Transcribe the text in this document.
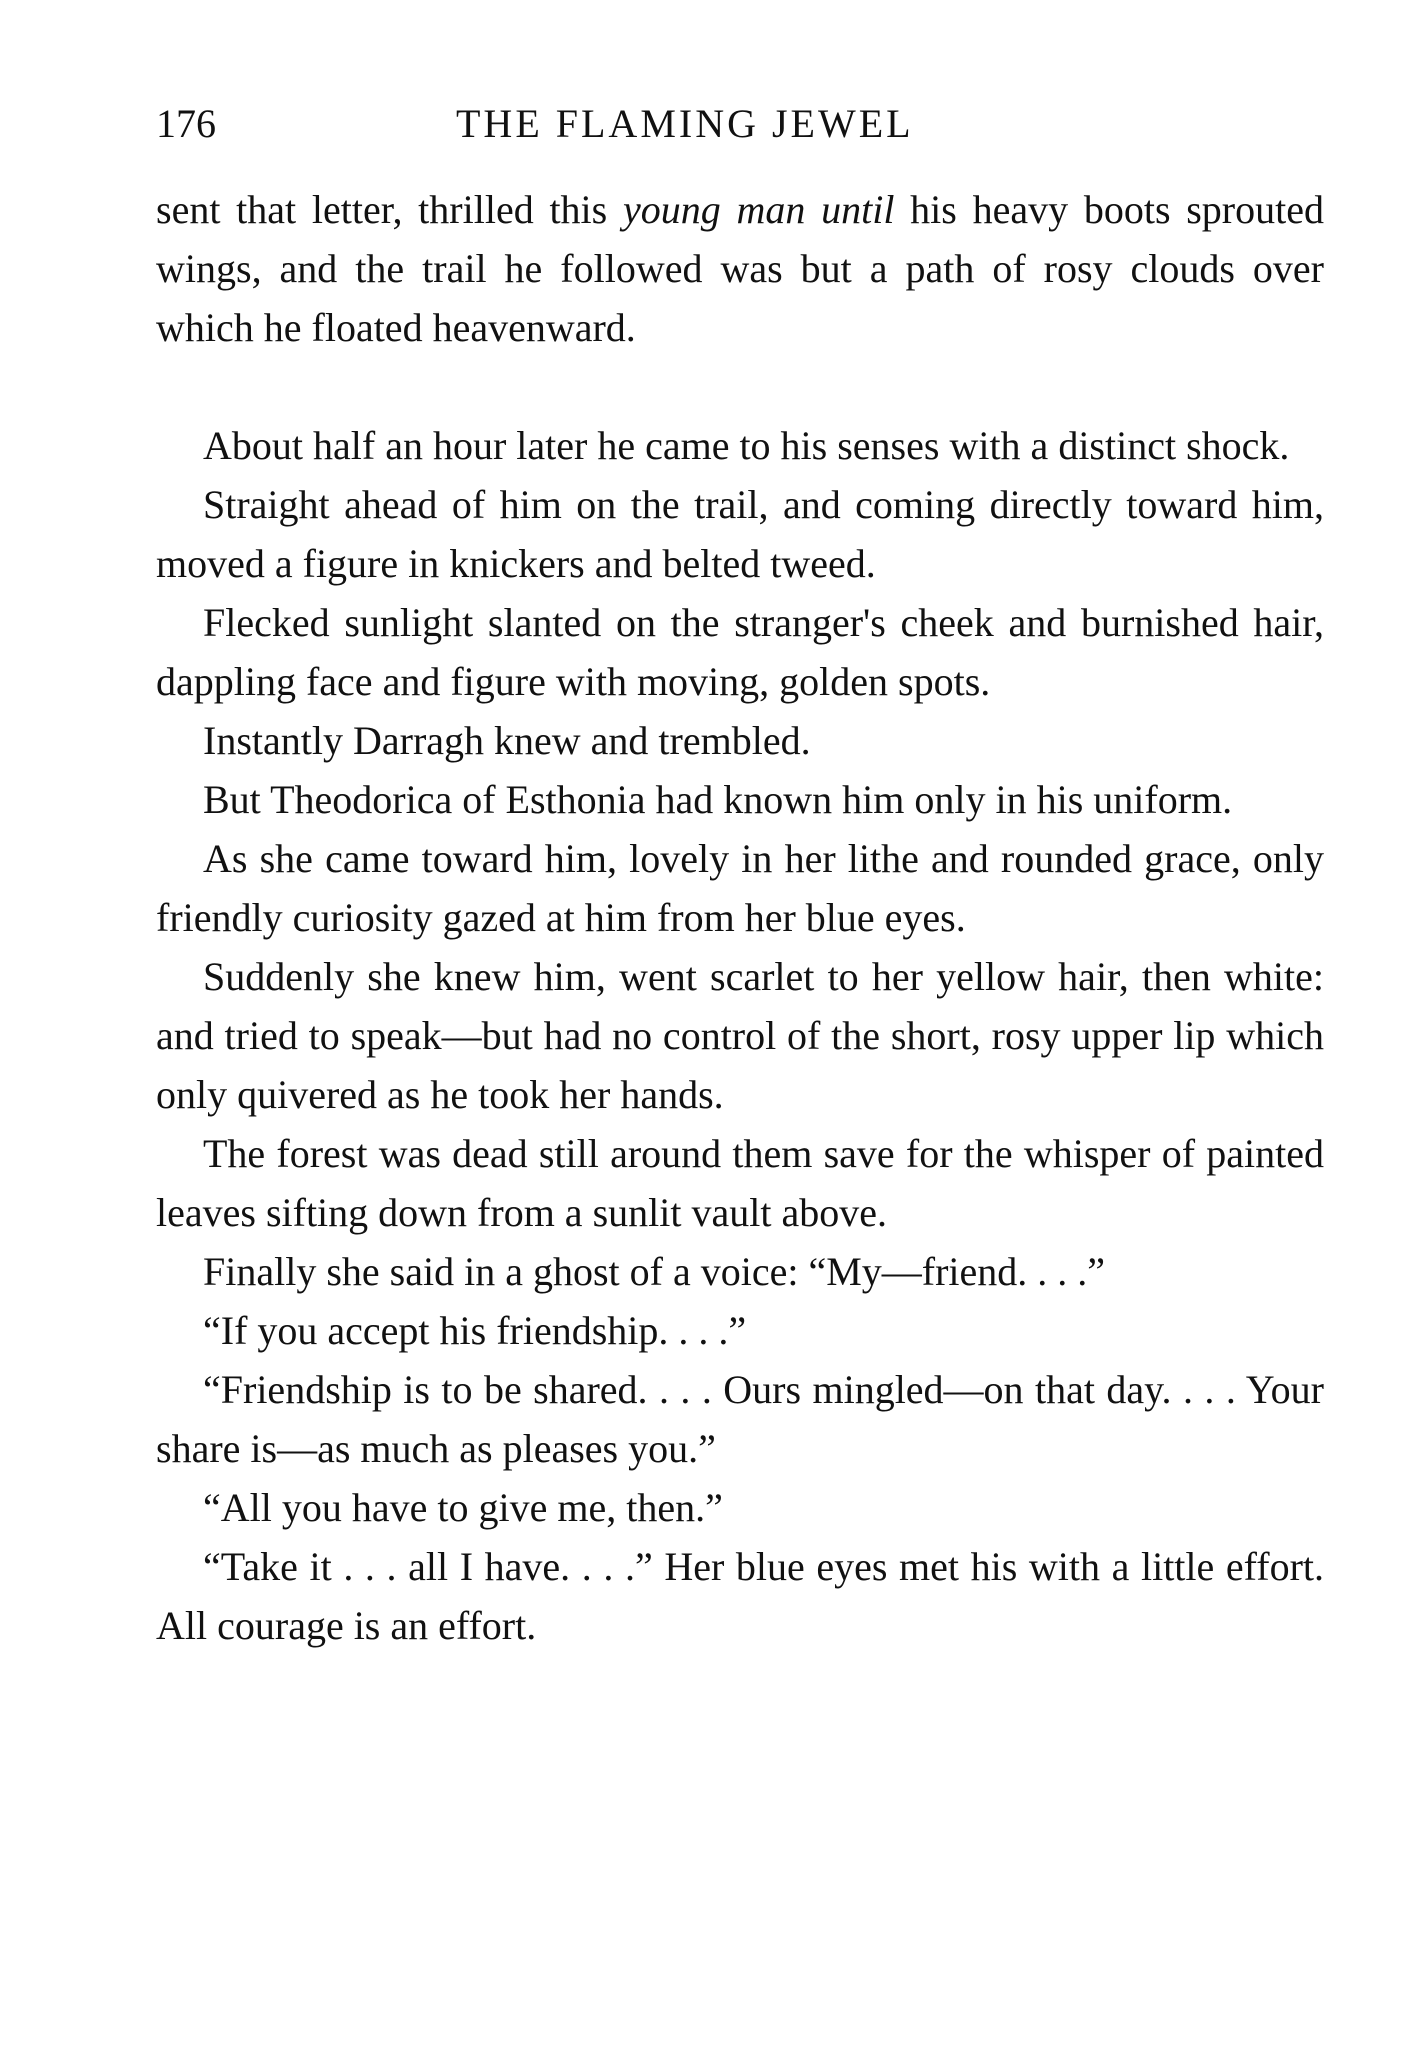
176	THE FLAMING JEWEL

sent that letter, thrilled this young man until his heavy boots sprouted wings, and the trail he followed was but a path of rosy clouds over which he floated heavenward.

About half an hour later he came to his senses with a distinct shock.

Straight ahead of him on the trail, and coming directly toward him, moved a figure in knickers and belted tweed.

Flecked sunlight slanted on the stranger's cheek and burnished hair, dappling face and figure with moving, golden spots.

Instantly Darragh knew and trembled.

But Theodorica of Esthonia had known him only in his uniform.

As she came toward him, lovely in her lithe and rounded grace, only friendly curiosity gazed at him from her blue eyes.

Suddenly she knew him, went scarlet to her yellow hair, then white: and tried to speak—but had no control of the short, rosy upper lip which only quivered as he took her hands.

The forest was dead still around them save for the whisper of painted leaves sifting down from a sunlit vault above.

Finally she said in a ghost of a voice: “My—friend. . . .”

“If you accept his friendship. . . .”

“Friendship is to be shared. . . . Ours mingled—on that day. . . . Your share is—as much as pleases you.”

“All you have to give me, then.”

“Take it . . . all I have. . . .” Her blue eyes met his with a little effort. All courage is an effort.
